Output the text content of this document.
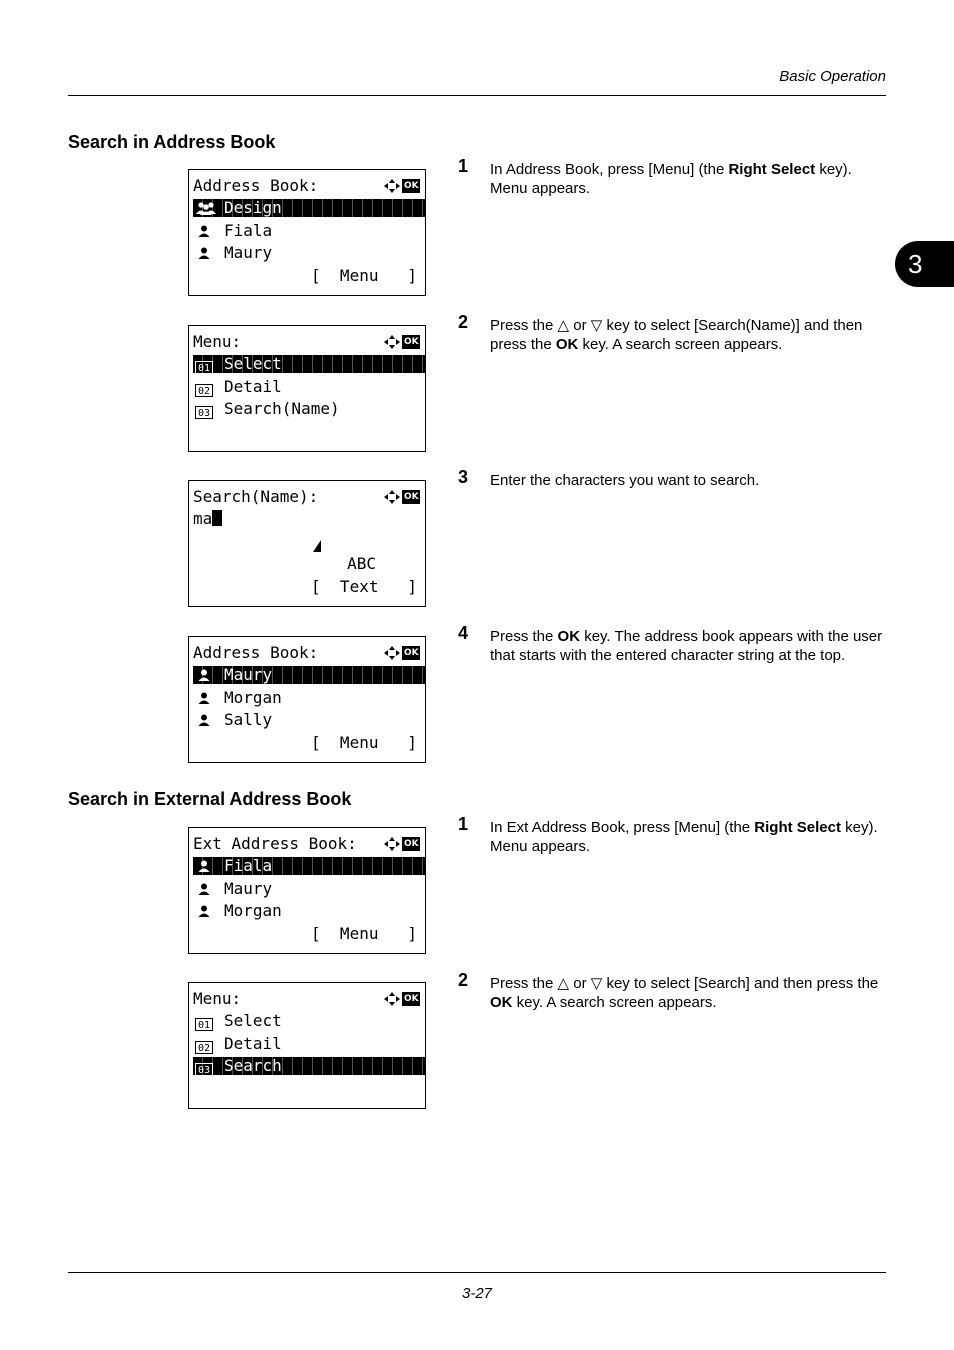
Basic Operation
3
Search in Address Book
Search in External Address Book
Address Book:	OK
Design
Fiala
Maury
[  Menu   ]
Menu:	OK
01 Select
02 Detail
03 Search(Name)
Search(Name):	OK
ma
ABC
[  Text   ]
Address Book:	OK
Maury
Morgan
Sally
[  Menu   ]
Ext Address Book:	OK
Fiala
Maury
Morgan
[  Menu   ]
Menu:	OK
01 Select
02 Detail
03 Search
1 In Address Book, press [Menu] (the Right Select key). Menu appears.
2 Press the △ or ▽ key to select [Search(Name)] and then press the OK key. A search screen appears.
3 Enter the characters you want to search.
4 Press the OK key. The address book appears with the user that starts with the entered character string at the top.
1 In Ext Address Book, press [Menu] (the Right Select key). Menu appears.
2 Press the △ or ▽ key to select [Search] and then press the OK key. A search screen appears.
3-27
